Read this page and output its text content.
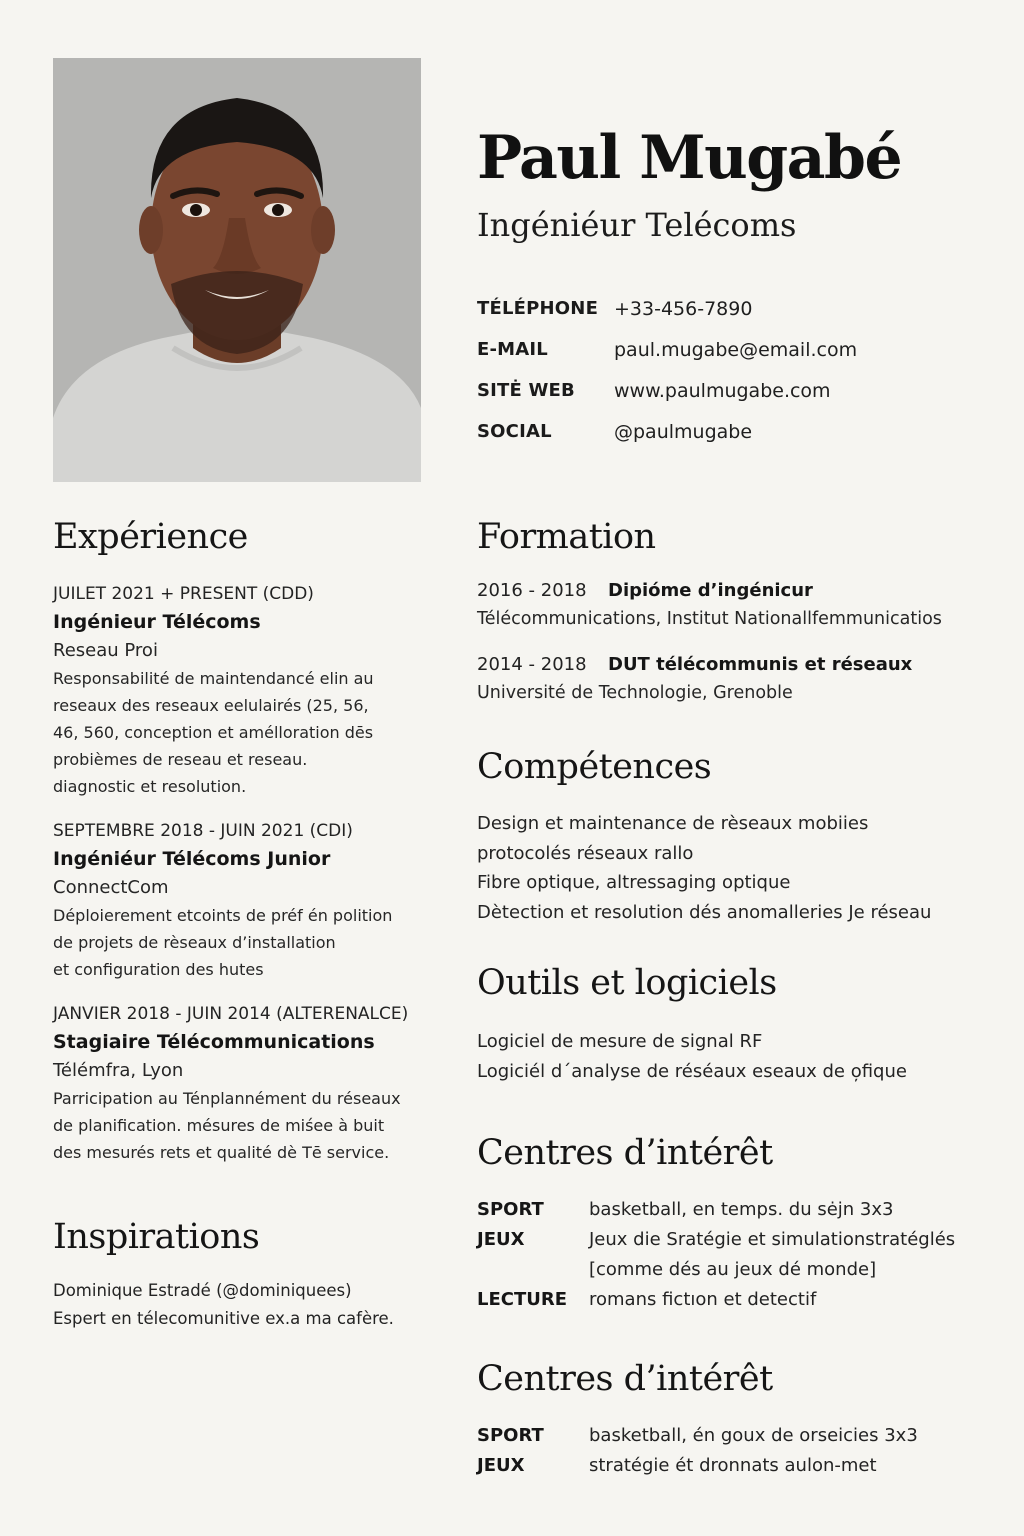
Paul Mugabé
Ingéniéur Telécoms
TÉLÉPHONE +33-456-7890
E-MAIL	paul.mugabe@email.com
SITĖ WEB	www.paulmugabe.com
SOCIAL	@paulmugabe
Expérience
JUILET 2021 + PRESENT (CDD)
Ingénieur Télécoms
Reseau Proi
Responsabilité de maintendancé elin au
reseaux des reseaux eelulairés (25, 56,
46, 560, conception et amélloration dēs
probièmes de reseau et reseau.
diagnostic et resolution.
SEPTEMBRE 2018 - JUIN 2021 (CDI)
Ingéniéur Télécoms Junior
ConnectCom
Déploierement etcoints de préf én polition
de projets de rèseaux d’installation
et configuration des hutes
JANVIER 2018 - JUIN 2014 (ALTERENALCE)
Stagiaire Télécommunications
Télémfra, Lyon
Parricipation au Ténplannément du réseaux
de planification. mésures de miśee à buit
des mesurés rets et qualité dè Tē service.
Inspirations
Dominique Estradé (@dominiquees)
Espert en télecomunitive ex.a ma cafère.
Formation
2016 - 2018	Dipióme d’ingénicur
Télécommunications, Institut Nationallfemmunicatios
2014 - 2018	DUT télécommunis et réseaux
Université de Technologie, Grenoble
Compétences
Design et maintenance de rèseaux mobiies
protocolés réseaux rallo
Fibre optique, altressaging optique
Dètection et resolution dés anomalleries Je réseau
Outils et logiciels
Logiciel de mesure de signal RF
Logiciél d´analyse de réséaux eseaux de o̦fique
Centres d’intérêt
SPORT	basketball, en temps. du sėjn 3x3
JEUX	Jeux die Sratégie et simulationstratéglés
[comme dés au jeux dé monde]
LECTURE	romans fictıon et detectif
Centres d’intérêt
SPORT	basketball, én goux de orseicies 3x3
JEUX	stratégie ét dronnats aulon-met
